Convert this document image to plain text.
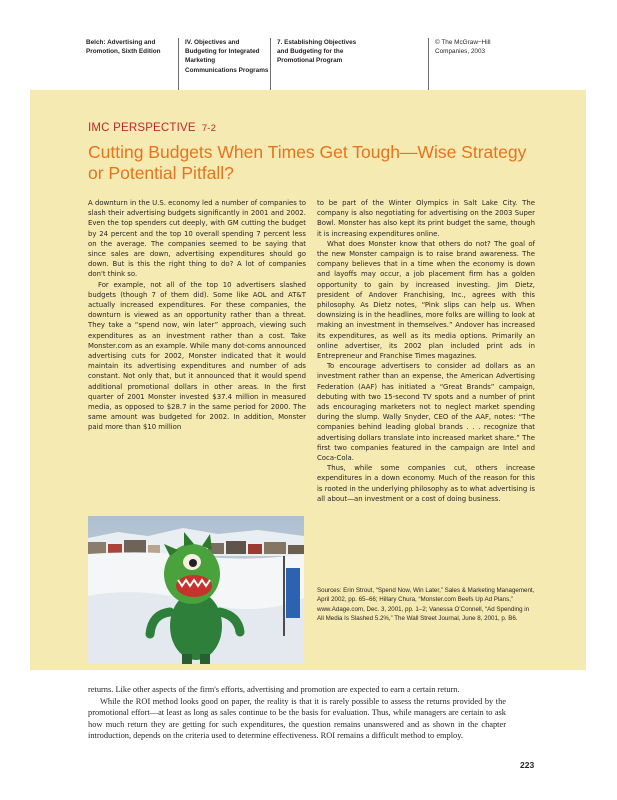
Belch: Advertising and
Promotion, Sixth Edition
IV. Objectives and
Budgeting for Integrated
Marketing
Communications Programs
7. Establishing Objectives
and Budgeting for the
Promotional Program
© The McGraw−Hill
Companies, 2003
IMC PERSPECTIVE 7-2
Cutting Budgets When Times Get Tough—Wise Strategy
or Potential Pitfall?

A downturn in the U.S. economy led a number of companies to slash their advertising budgets significantly in 2001 and 2002. Even the top spenders cut deeply, with GM cutting the budget by 24 percent and the top 10 overall spending 7 percent less on the average. The companies seemed to be saying that since sales are down, advertising expenditures should go down. But is this the right thing to do? A lot of companies don't think so.

For example, not all of the top 10 advertisers slashed budgets (though 7 of them did). Some like AOL and AT&T actually increased expenditures. For these companies, the downturn is viewed as an opportunity rather than a threat. They take a “spend now, win later” approach, viewing such expenditures as an investment rather than a cost. Take Monster.com as an example. While many dot-coms announced advertising cuts for 2002, Monster indicated that it would maintain its advertising expenditures and number of ads constant. Not only that, but it announced that it would spend additional promotional dollars in other areas. In the first quarter of 2001 Monster invested $37.4 million in measured media, as opposed to $28.7 in the same period for 2000. The same amount was budgeted for 2002. In addition, Monster paid more than $10 million

to be part of the Winter Olympics in Salt Lake City. The company is also negotiating for advertising on the 2003 Super Bowl. Monster has also kept its print budget the same, though it is increasing expenditures online.

What does Monster know that others do not? The goal of the new Monster campaign is to raise brand awareness. The company believes that in a time when the economy is down and layoffs may occur, a job placement firm has a golden opportunity to gain by increased investing. Jim Dietz, president of Andover Franchising, Inc., agrees with this philosophy. As Dietz notes, “Pink slips can help us. When downsizing is in the headlines, more folks are willing to look at making an investment in themselves.” Andover has increased its expenditures, as well as its media options. Primarily an online advertiser, its 2002 plan included print ads in Entrepreneur and Franchise Times magazines.

To encourage advertisers to consider ad dollars as an investment rather than an expense, the American Advertising Federation (AAF) has initiated a “Great Brands” campaign, debuting with two 15-second TV spots and a number of print ads encouraging marketers not to neglect market spending during the slump. Wally Snyder, CEO of the AAF, notes: “The companies behind leading global brands . . . recognize that advertising dollars translate into increased market share.” The first two companies featured in the campaign are Intel and Coca-Cola.

Thus, while some companies cut, others increase expenditures in a down economy. Much of the reason for this is rooted in the underlying philosophy as to what advertising is all about—an investment or a cost of doing business.

Sources: Erin Strout, “Spend Now, Win Later,” Sales & Marketing Management, April 2002, pp. 65–66; Hillary Chura, “Monster.com Beefs Up Ad Plans,” www.Adage.com, Dec. 3, 2001, pp. 1–2; Vanessa O’Connell, “Ad Spending in All Media Is Slashed 5.2%,” The Wall Street Journal, June 8, 2001, p. B6.

returns. Like other aspects of the firm's efforts, advertising and promotion are expected to earn a certain return.

While the ROI method looks good on paper, the reality is that it is rarely possible to assess the returns provided by the promotional effort—at least as long as sales continue to be the basis for evaluation. Thus, while managers are certain to ask how much return they are getting for such expenditures, the question remains unanswered and as shown in the chapter introduction, depends on the criteria used to determine effectiveness. ROI remains a difficult method to employ.

223
